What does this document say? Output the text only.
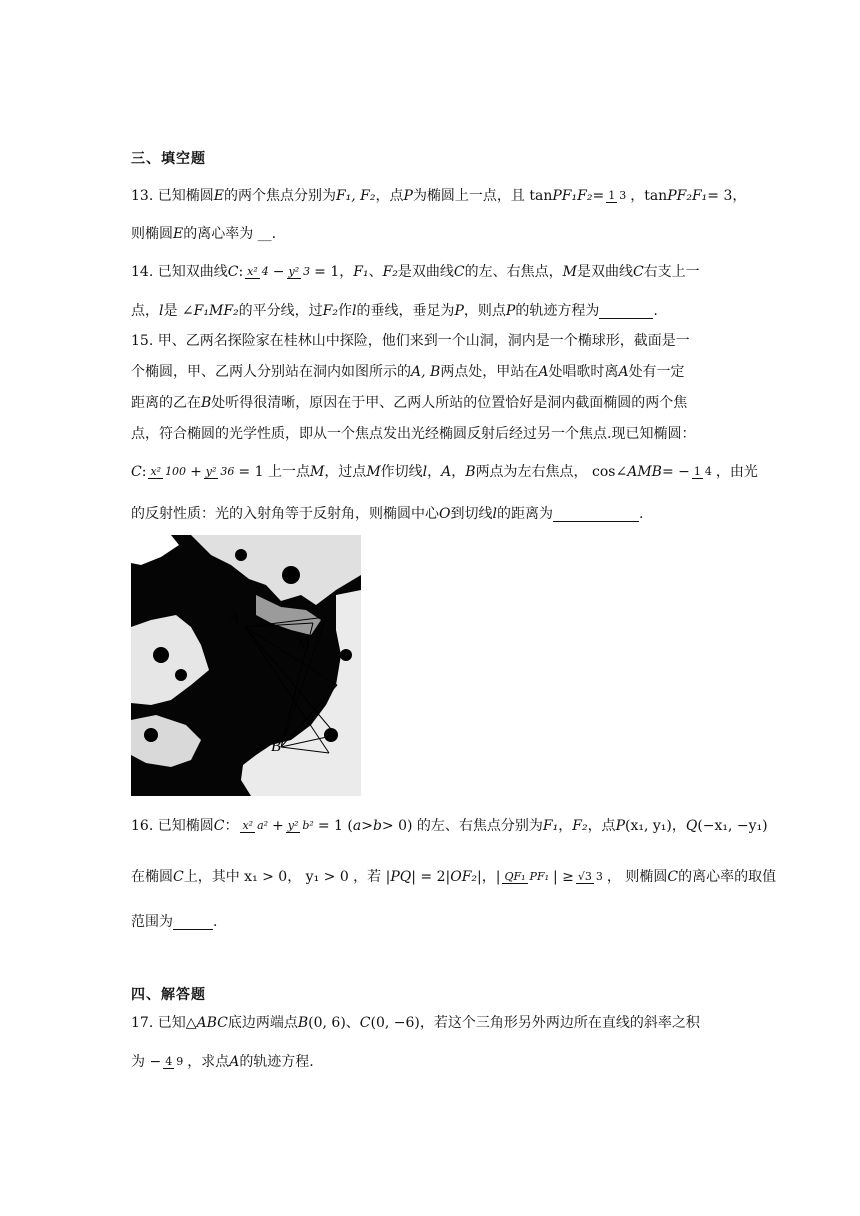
三、填空题
13. 已知椭圆 E 的两个焦点分别为 F₁, F₂ ，点 P 为椭圆上一点，且 tan PF₁F₂ = 1 3 ，tan PF₂F₁ = 3，
则椭圆 E 的离心率为 __.
14. 已知双曲线 C : x² 4 − y² 3 = 1， F₁ 、 F₂ 是双曲线 C 的左、右焦点， M 是双曲线 C 右支上一
点， l 是 ∠ F₁MF₂ 的平分线，过 F₂ 作 l 的垂线，垂足为 P ，则点 P 的轨迹方程为	.
15. 甲、乙两名探险家在桂林山中探险，他们来到一个山洞，洞内是一个椭球形，截面是一
个椭圆，甲、乙两人分别站在洞内如图所示的 A, B 两点处，甲站在 A 处唱歌时离 A 处有一定
距离的乙在 B 处听得很清晰，原因在于甲、乙两人所站的位置恰好是洞内截面椭圆的两个焦
点，符合椭圆的光学性质，即从一个焦点发出光经椭圆反射后经过另一个焦点.现已知椭圆：
C : x² 100 + y² 36 = 1 上一点 M ，过点 M 作切线 l ， A ， B 两点为左右焦点， cos∠ AMB = − 1 4 ，由光
的反射性质：光的入射角等于反射角，则椭圆中心 O 到切线 l 的距离为	.
A
M
B
16. 已知椭圆 C ： x² a² + y² b² = 1 ( a > b > 0) 的左、右焦点分别为 F₁ ， F₂ ，点 P (x₁, y₁)， Q (−x₁, −y₁)
在椭圆 C 上，其中 x₁ > 0， y₁ > 0 ，若 | PQ | = 2| OF₂ |，| QF₁ PF₁ | ≥ √3 3 ， 则椭圆 C 的离心率的取值
范围为	.
四、解答题
17. 已知 △ABC 底边两端点 B (0, 6)、 C (0, −6)，若这个三角形另外两边所在直线的斜率之积
为 − 4 9 ，求点 A 的轨迹方程.
